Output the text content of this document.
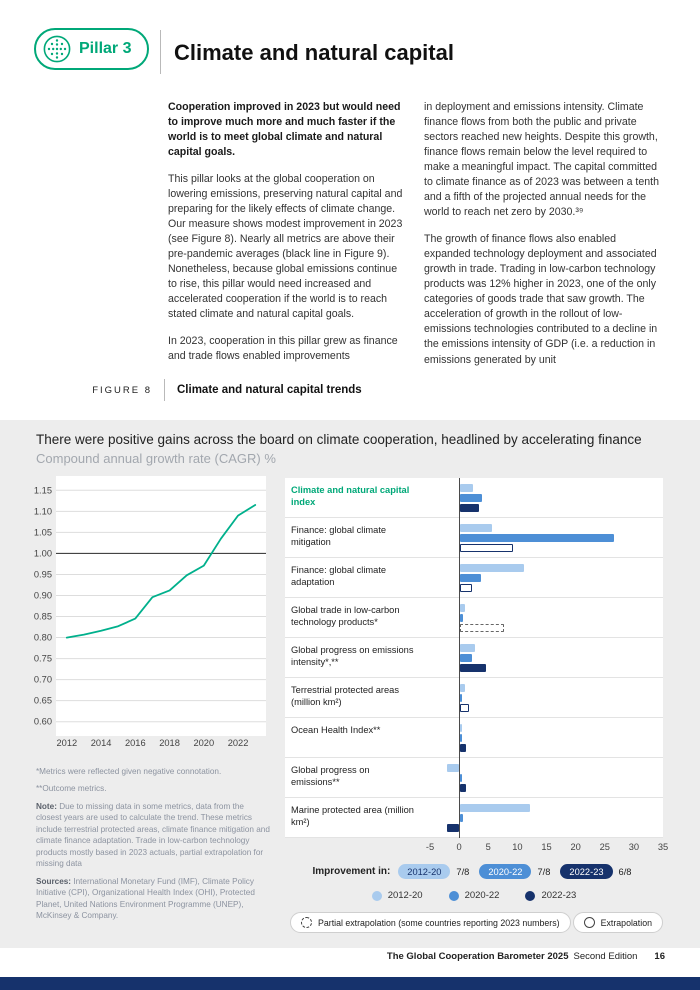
Pillar 3 Climate and natural capital

Cooperation improved in 2023 but would need to improve much more and much faster if the world is to meet global climate and natural capital goals.

This pillar looks at the global cooperation on lowering emissions, preserving natural capital and preparing for the likely effects of climate change. Our measure shows modest improvement in 2023 (see Figure 8). Nearly all metrics are above their pre-pandemic averages (black line in Figure 9). Nonetheless, because global emissions continue to rise, this pillar would need increased and accelerated cooperation if the world is to reach stated climate and natural capital goals.

In 2023, cooperation in this pillar grew as finance and trade flows enabled improvements

in deployment and emissions intensity. Climate finance flows from both the public and private sectors reached new heights. Despite this growth, finance flows remain below the level required to make a meaningful impact. The capital committed to climate finance as of 2023 was between a tenth and a fifth of the projected annual needs for the world to reach net zero by 2030.³⁹

The growth of finance flows also enabled expanded technology deployment and associated growth in trade. Trading in low-carbon technology products was 12% higher in 2023, one of the only categories of goods trade that saw growth. The acceleration of growth in the rollout of low-emissions technologies contributed to a decline in the emissions intensity of GDP (i.e. a reduction in emissions generated by unit

FIGURE 8 Climate and natural capital trends
There were positive gains across the board on climate cooperation, headlined by accelerating finance
Compound annual growth rate (CAGR) %
0.60
0.65
0.70
0.75
0.80
0.85
0.90
0.95
1.00
1.05
1.10
1.15
2012 2014 2016 2018 2020 2022
Climate and natural capital index
Finance: global climate mitigation
Finance: global climate adaptation
Global trade in low-carbon technology products*
Global progress on emissions intensity*,**
Terrestrial protected areas (million km²)
Ocean Health Index**
Global progress on emissions**
Marine protected area (million km²)
-5 0	5 10 15 20 25 30 35
Improvement in:	2012-20	7/8	2020-22	7/8	2022-23	6/8
2012-20	2020-22	2022-23
Partial extrapolation (some countries reporting 2023 numbers)	Extrapolation

*Metrics were reflected given negative connotation.

**Outcome metrics.

Note: Due to missing data in some metrics, data from the closest years are used to calculate the trend. These metrics include terrestrial protected areas, climate finance mitigation and climate finance adaptation. Trade in low-carbon technology products mostly based in 2023 actuals, partial extrapolation for missing data

Sources: International Monetary Fund (IMF), Climate Policy Initiative (CPI), Organizational Health Index (OHI), Protected Planet, United Nations Environment Programme (UNEP), McKinsey & Company.

The Global Cooperation Barometer 2025 Second Edition 16
